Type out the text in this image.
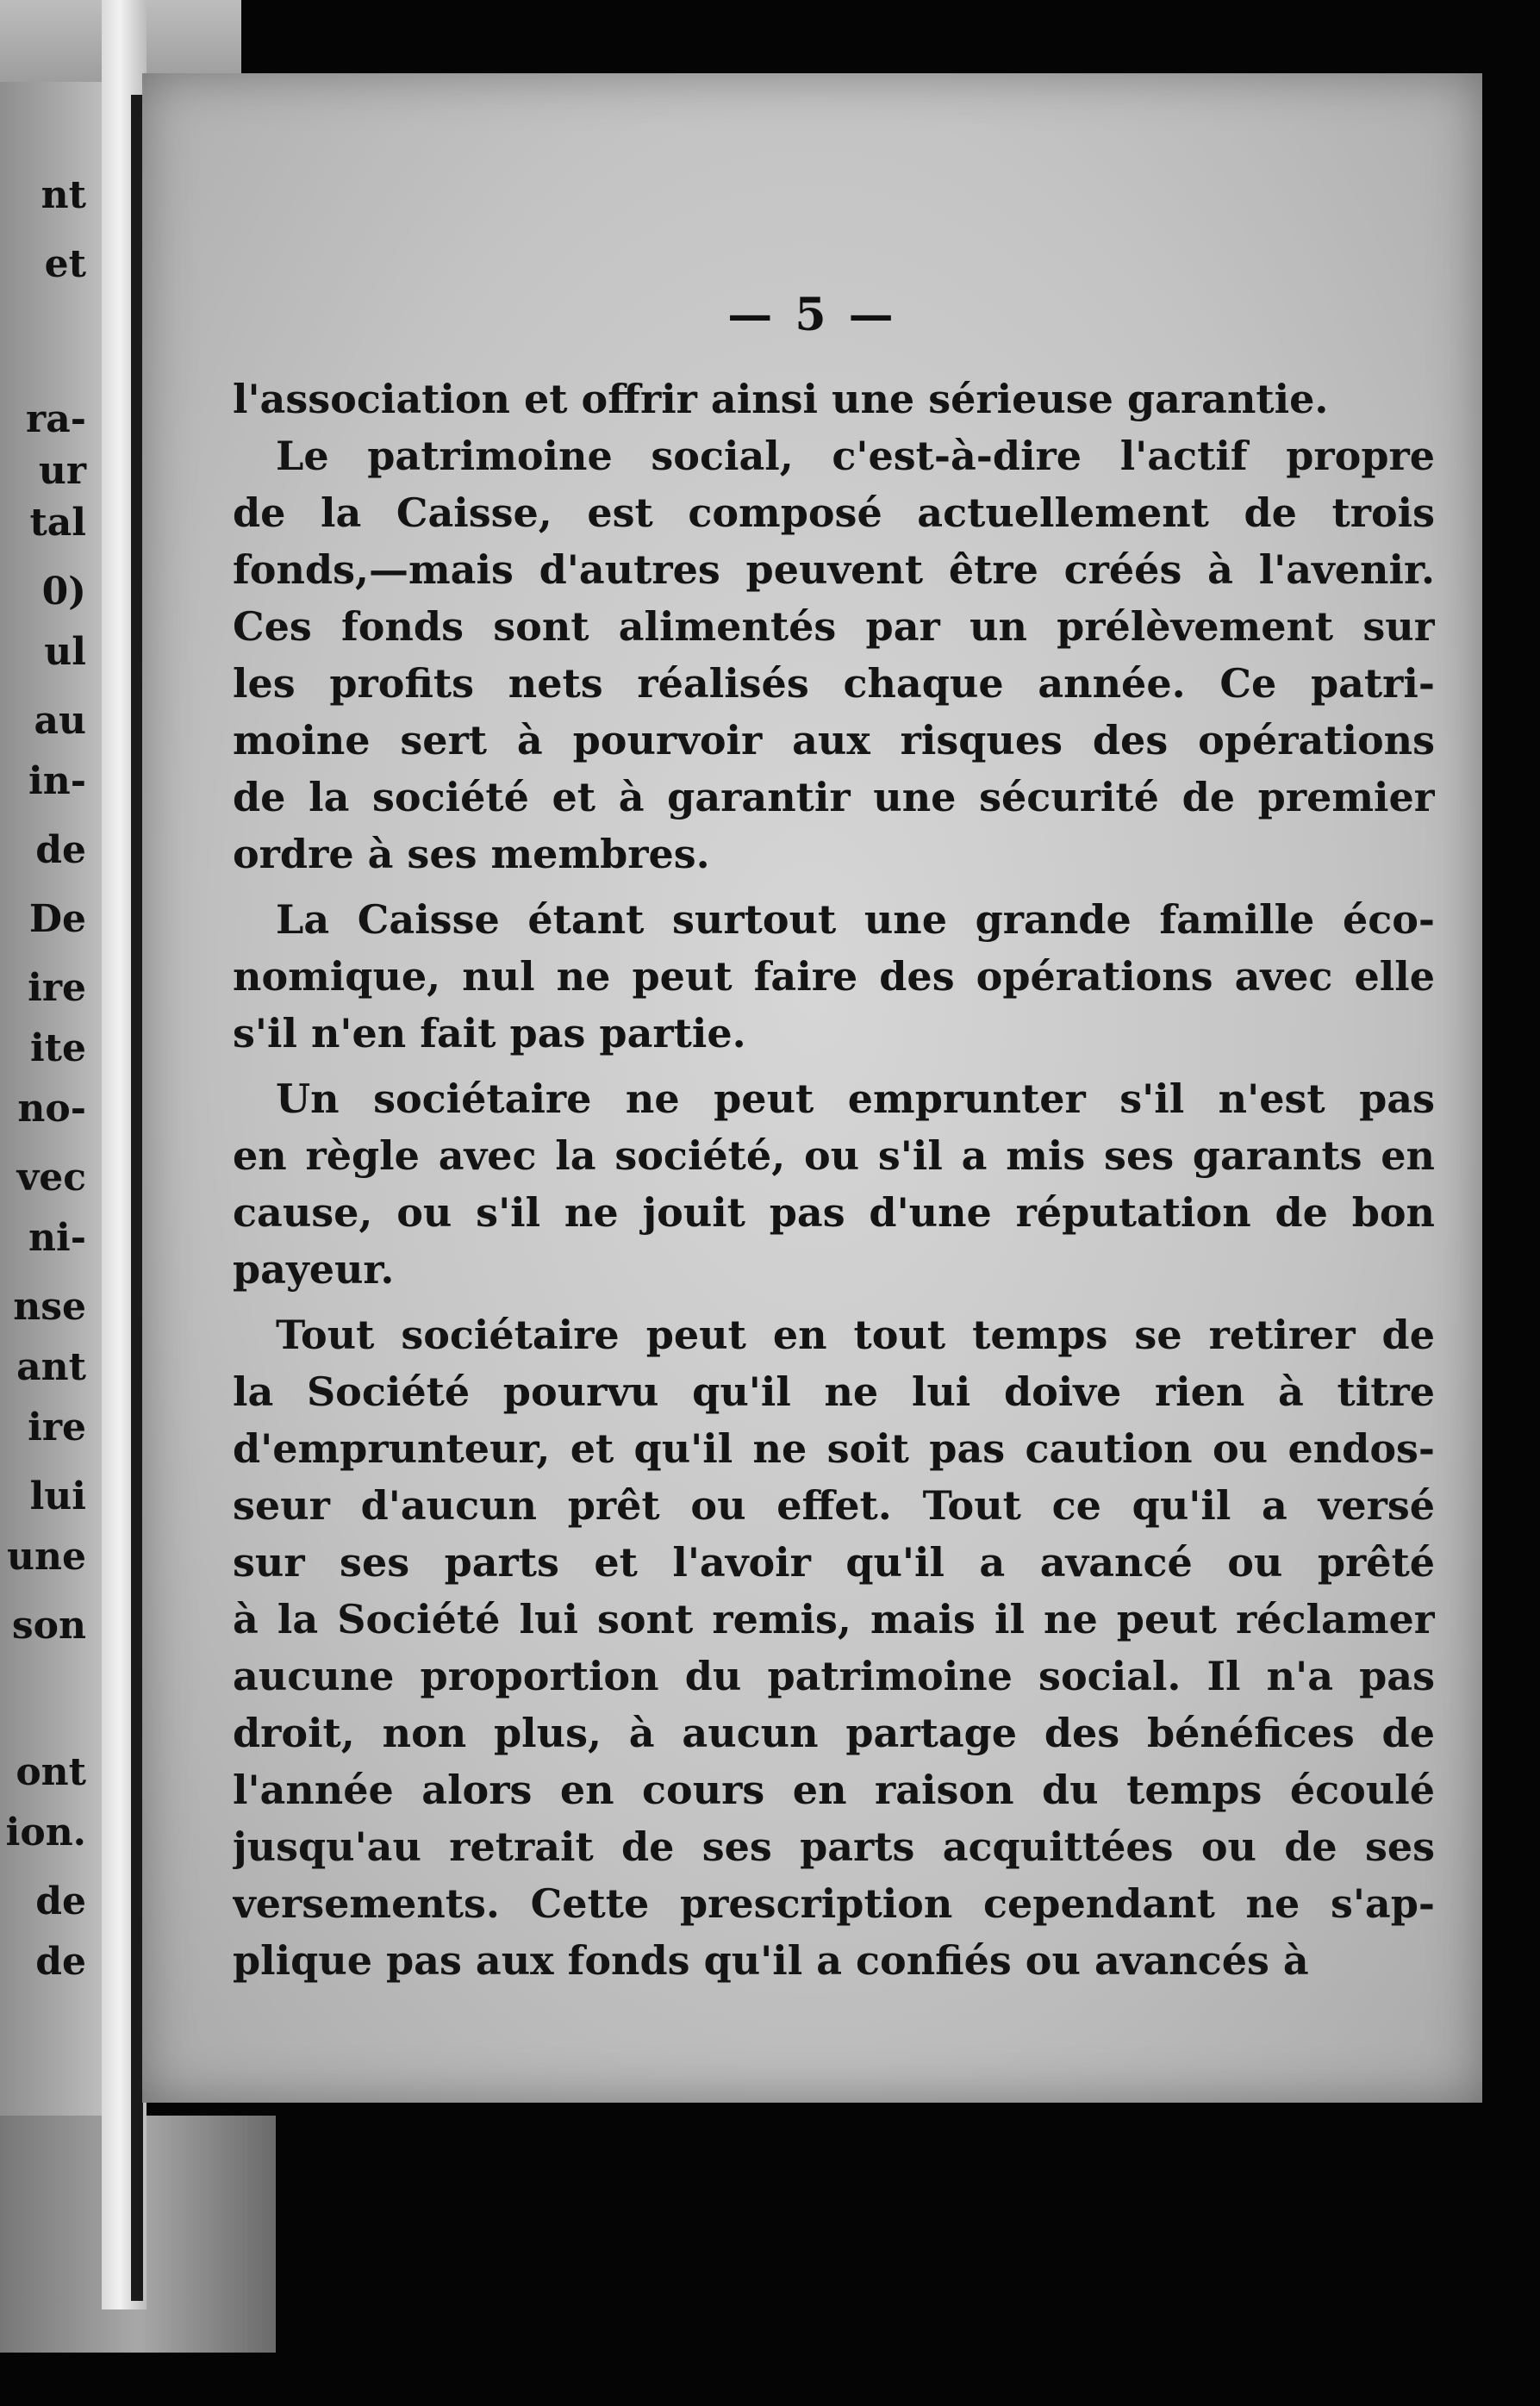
nt
et
ra-
ur
tal
0)
ul
au
in-
de
De
ire
ite
no-
vec
ni-
nse
ant
ire
lui
une
son
ont
ion.
de
de
— 5 —
l'association et offrir ainsi une sérieuse garantie.
Le patrimoine social, c'est-à-dire l'actif propre
de la Caisse, est composé actuellement de trois
fonds,—mais d'autres peuvent être créés à l'avenir.
Ces fonds sont alimentés par un prélèvement sur
les profits nets réalisés chaque année. Ce patri-
moine sert à pourvoir aux risques des opérations
de la société et à garantir une sécurité de premier
ordre à ses membres.
La Caisse étant surtout une grande famille éco-
nomique, nul ne peut faire des opérations avec elle
s'il n'en fait pas partie.
Un sociétaire ne peut emprunter s'il n'est pas
en règle avec la société, ou s'il a mis ses garants en
cause, ou s'il ne jouit pas d'une réputation de bon
payeur.
Tout sociétaire peut en tout temps se retirer de
la Société pourvu qu'il ne lui doive rien à titre
d'emprunteur, et qu'il ne soit pas caution ou endos-
seur d'aucun prêt ou effet. Tout ce qu'il a versé
sur ses parts et l'avoir qu'il a avancé ou prêté
à la Société lui sont remis, mais il ne peut réclamer
aucune proportion du patrimoine social. Il n'a pas
droit, non plus, à aucun partage des bénéfices de
l'année alors en cours en raison du temps écoulé
jusqu'au retrait de ses parts acquittées ou de ses
versements. Cette prescription cependant ne s'ap-
plique pas aux fonds qu'il a confiés ou avancés à
